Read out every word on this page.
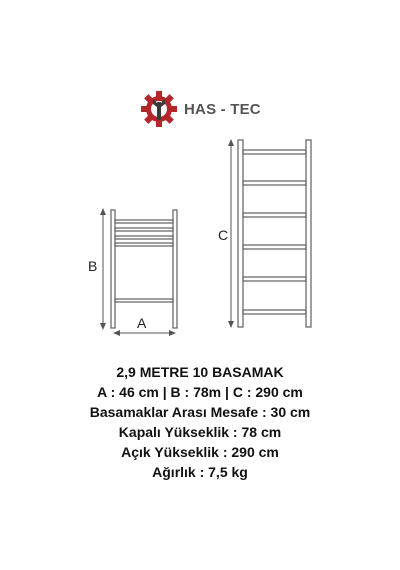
HAS - TEC
B
A
C
2,9 METRE 10 BASAMAK
A : 46 cm | B : 78m | C : 290 cm
Basamaklar Arası Mesafe : 30 cm
Kapalı Yükseklik : 78 cm
Açık Yükseklik : 290 cm
Ağırlık : 7,5 kg
